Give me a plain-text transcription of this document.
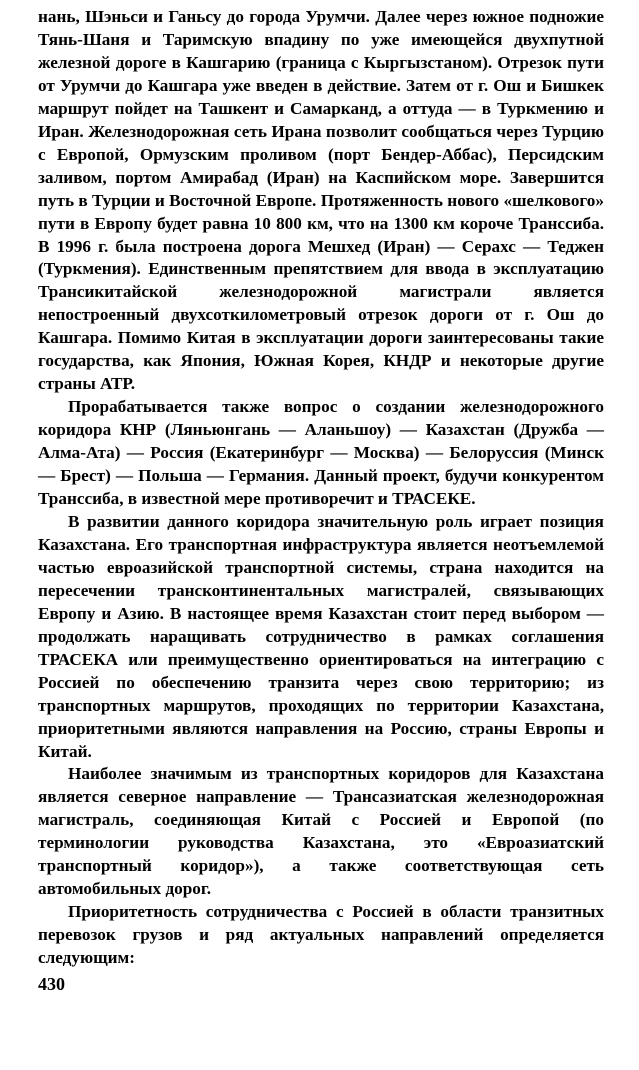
нань, Шэньси и Ганьсу до города Урумчи. Далее через южное подножие Тянь-Шаня и Таримскую впадину по уже имеющейся двухпутной железной дороге в Кашгарию (граница с Кыргызстаном). Отрезок пути от Урумчи до Кашгара уже введен в действие. Затем от г. Ош и Бишкек маршрут пойдет на Ташкент и Самарканд, а оттуда — в Туркмению и Иран. Железнодорожная сеть Ирана позволит сообщаться через Турцию с Европой, Ормузским проливом (порт Бендер-Аббас), Персидским заливом, портом Амирабад (Иран) на Каспийском море. Завершится путь в Турции и Восточной Европе. Протяженность нового «шелкового» пути в Европу будет равна 10 800 км, что на 1300 км короче Транссиба. В 1996 г. была построена дорога Мешхед (Иран) — Серахс — Теджен (Туркмения). Единственным препятствием для ввода в эксплуатацию Трансикитайской железнодорожной магистрали является непостроенный двухсоткилометровый отрезок дороги от г. Ош до Кашгара. Помимо Китая в эксплуатации дороги заинтересованы такие государства, как Япония, Южная Корея, КНДР и некоторые другие страны АТР.

Прорабатывается также вопрос о создании железнодорожного коридора КНР (Ляньюнгань — Аланьшоу) — Казахстан (Дружба — Алма-Ата) — Россия (Екатеринбург — Москва) — Белоруссия (Минск — Брест) — Польша — Германия. Данный проект, будучи конкурентом Транссиба, в известной мере противоречит и ТРАСЕКЕ.

В развитии данного коридора значительную роль играет позиция Казахстана. Его транспортная инфраструктура является неотъемлемой частью евроазийской транспортной системы, страна находится на пересечении трансконтинентальных магистралей, связывающих Европу и Азию. В настоящее время Казахстан стоит перед выбором — продолжать наращивать сотрудничество в рамках соглашения ТРАСЕКА или преимущественно ориентироваться на интеграцию с Россией по обеспечению транзита через свою территорию; из транспортных маршрутов, проходящих по территории Казахстана, приоритетными являются направления на Россию, страны Европы и Китай.

Наиболее значимым из транспортных коридоров для Казахстана является северное направление — Трансазиатская железнодорожная магистраль, соединяющая Китай с Россией и Европой (по терминологии руководства Казахстана, это «Евроазиатский транспортный коридор»), а также соответствующая сеть автомобильных дорог.

Приоритетность сотрудничества с Россией в области транзитных перевозок грузов и ряд актуальных направлений определяется следующим:

430
